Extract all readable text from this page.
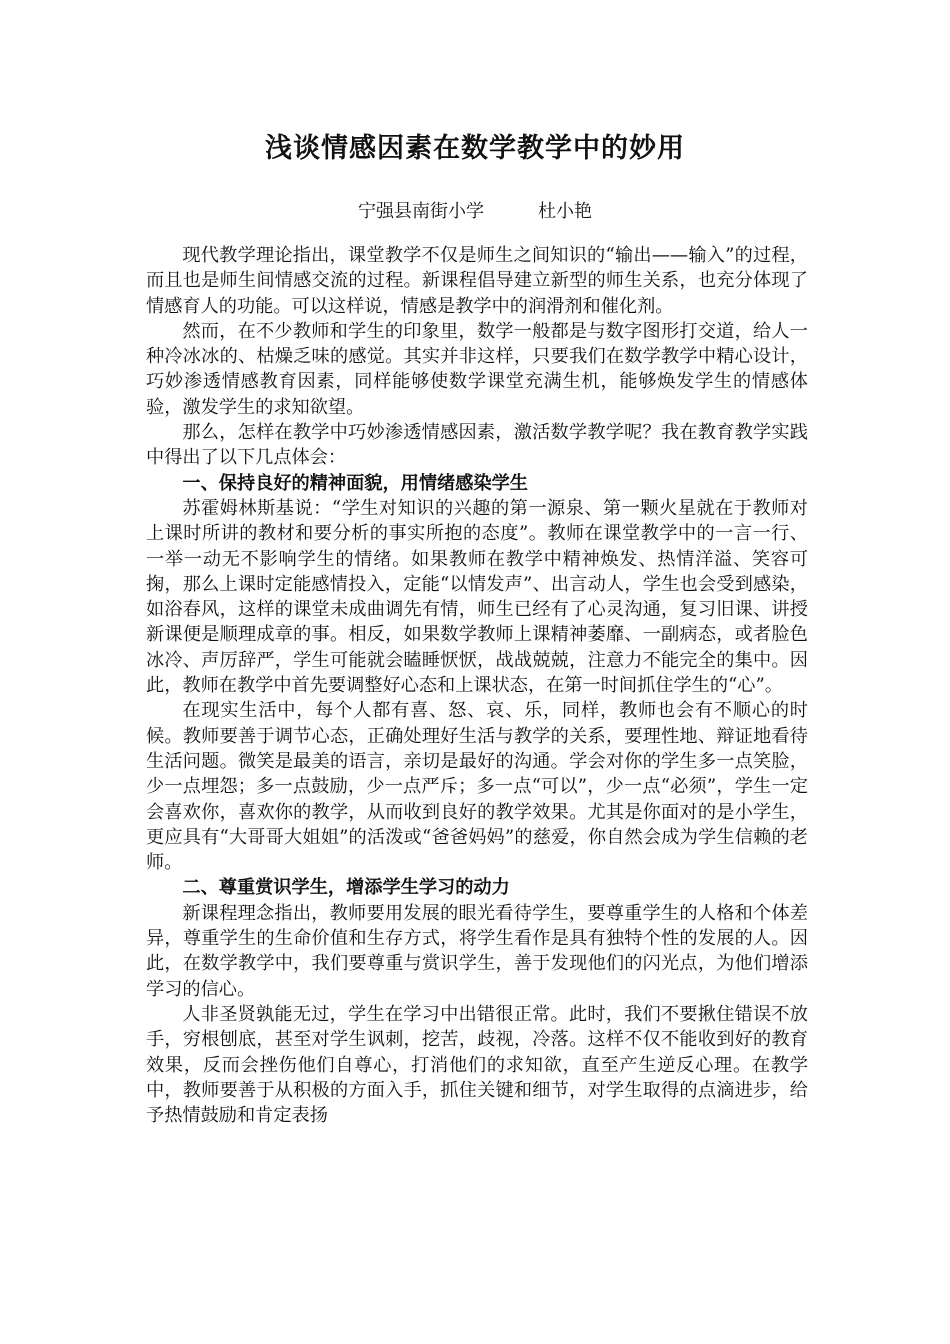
浅谈情感因素在数学教学中的妙用
宁强县南街小学	杜小艳

现代教学理论指出，课堂教学不仅是师生之间知识的“输出——输入”的过程，而且也是师生间情感交流的过程。新课程倡导建立新型的师生关系，也充分体现了情感育人的功能。可以这样说，情感是教学中的润滑剂和催化剂。

然而，在不少教师和学生的印象里，数学一般都是与数字图形打交道，给人一种冷冰冰的、枯燥乏味的感觉。其实并非这样，只要我们在数学教学中精心设计，巧妙渗透情感教育因素，同样能够使数学课堂充满生机，能够焕发学生的情感体验，激发学生的求知欲望。

那么，怎样在教学中巧妙渗透情感因素，激活数学教学呢？我在教育教学实践中得出了以下几点体会：

一、保持良好的精神面貌，用情绪感染学生

苏霍姆林斯基说：“学生对知识的兴趣的第一源泉、第一颗火星就在于教师对上课时所讲的教材和要分析的事实所抱的态度”。教师在课堂教学中的一言一行、一举一动无不影响学生的情绪。如果教师在教学中精神焕发、热情洋溢、笑容可掬，那么上课时定能感情投入，定能“以情发声”、出言动人，学生也会受到感染，如浴春风，这样的课堂未成曲调先有情，师生已经有了心灵沟通，复习旧课、讲授新课便是顺理成章的事。相反，如果数学教师上课精神萎靡、一副病态，或者脸色冰冷、声厉辞严，学生可能就会瞌睡恹恹，战战兢兢，注意力不能完全的集中。因此，教师在教学中首先要调整好心态和上课状态，在第一时间抓住学生的“心”。

在现实生活中，每个人都有喜、怒、哀、乐，同样，教师也会有不顺心的时候。教师要善于调节心态，正确处理好生活与教学的关系，要理性地、辩证地看待生活问题。微笑是最美的语言，亲切是最好的沟通。学会对你的学生多一点笑脸，少一点埋怨；多一点鼓励，少一点严斥；多一点“可以”，少一点“必须”，学生一定会喜欢你，喜欢你的教学，从而收到良好的教学效果。尤其是你面对的是小学生，更应具有“大哥哥大姐姐”的活泼或“爸爸妈妈”的慈爱，你自然会成为学生信赖的老师。

二、尊重赏识学生，增添学生学习的动力

新课程理念指出，教师要用发展的眼光看待学生，要尊重学生的人格和个体差异，尊重学生的生命价值和生存方式，将学生看作是具有独特个性的发展的人。因此，在数学教学中，我们要尊重与赏识学生，善于发现他们的闪光点，为他们增添学习的信心。

人非圣贤孰能无过，学生在学习中出错很正常。此时，我们不要揪住错误不放手，穷根刨底，甚至对学生讽刺，挖苦，歧视，冷落。这样不仅不能收到好的教育效果，反而会挫伤他们自尊心，打消他们的求知欲，直至产生逆反心理。在教学中，教师要善于从积极的方面入手，抓住关键和细节，对学生取得的点滴进步，给予热情鼓励和肯定表扬
